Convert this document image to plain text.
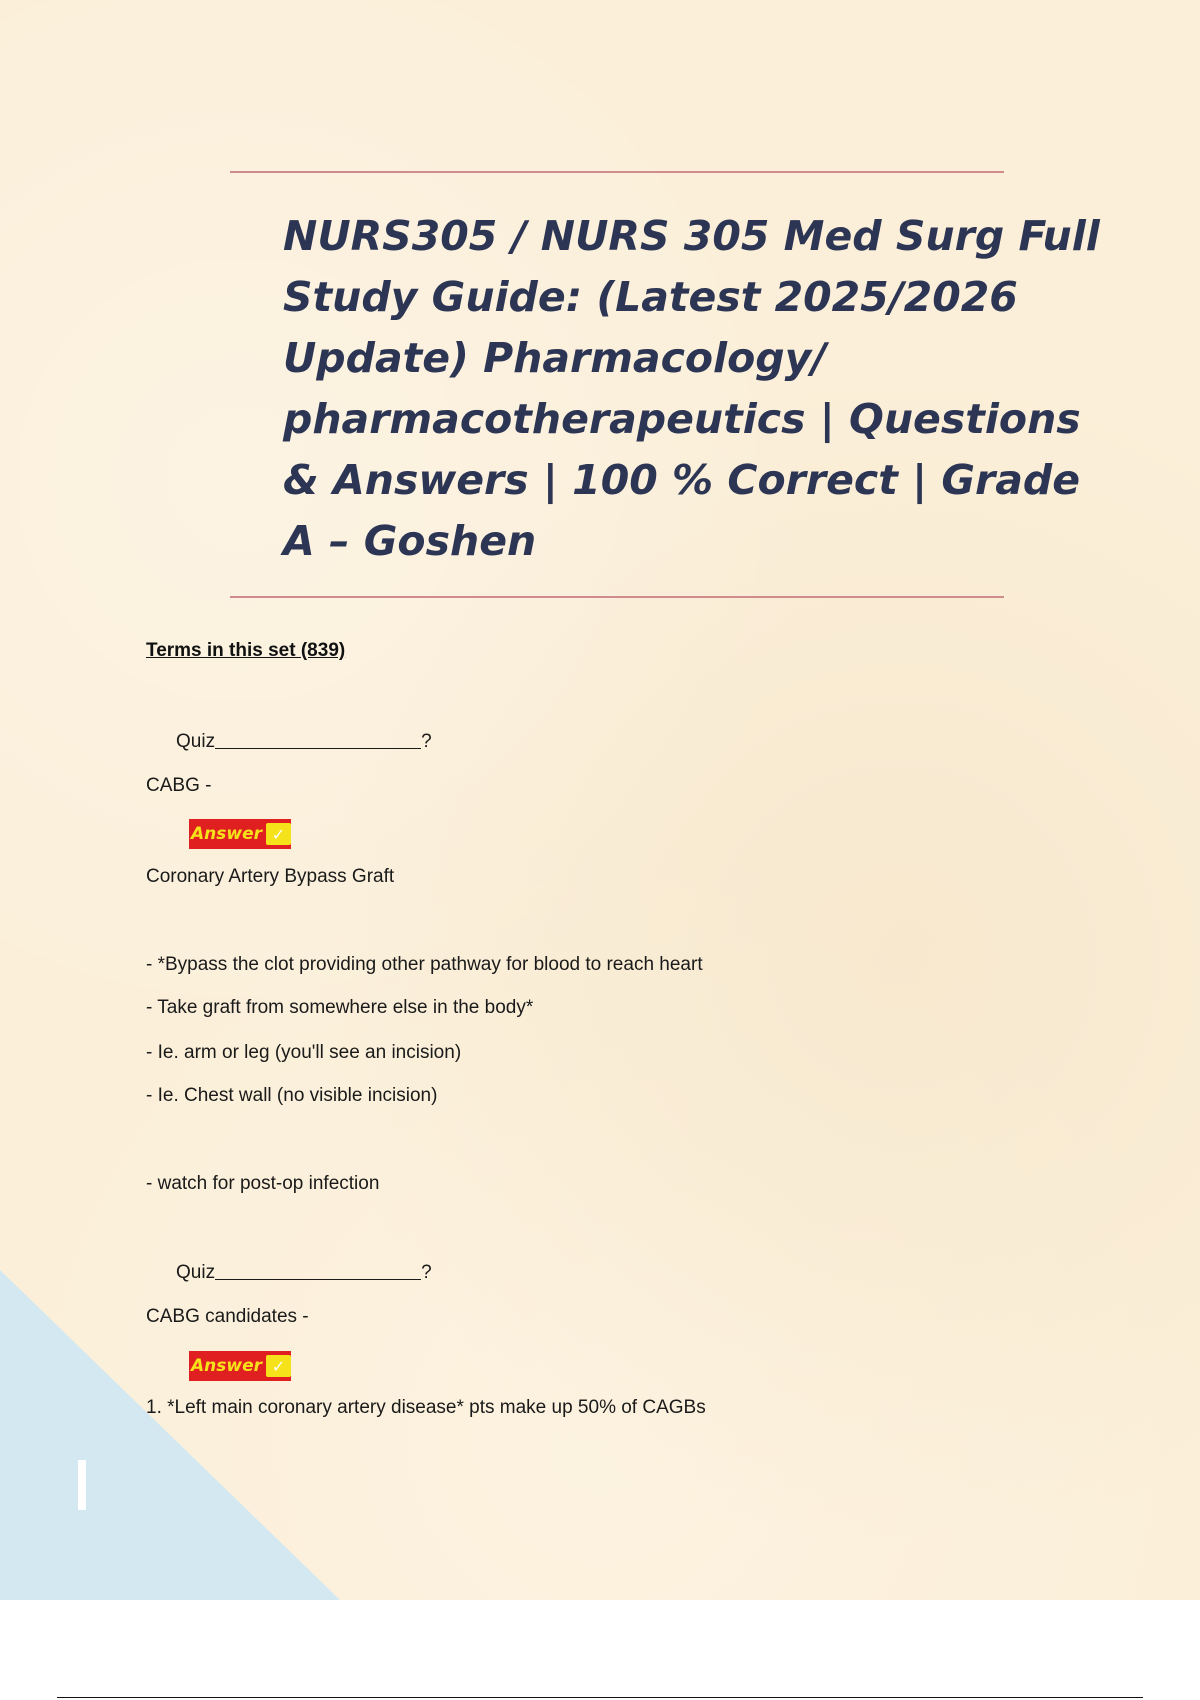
NURS305 / NURS 305 Med Surg Full Study Guide: (Latest 2025/2026 Update) Pharmacology/ pharmacotherapeutics | Questions & Answers | 100 % Correct | Grade A – Goshen
Terms in this set (839)
Quiz	?
CABG -
Answer ✓
Coronary Artery Bypass Graft
- *Bypass the clot providing other pathway for blood to reach heart
- Take graft from somewhere else in the body*
- Ie. arm or leg (you'll see an incision)
- Ie. Chest wall (no visible incision)
- watch for post-op infection
Quiz	?
CABG candidates -
Answer ✓
1. *Left main coronary artery disease* pts make up 50% of CAGBs
